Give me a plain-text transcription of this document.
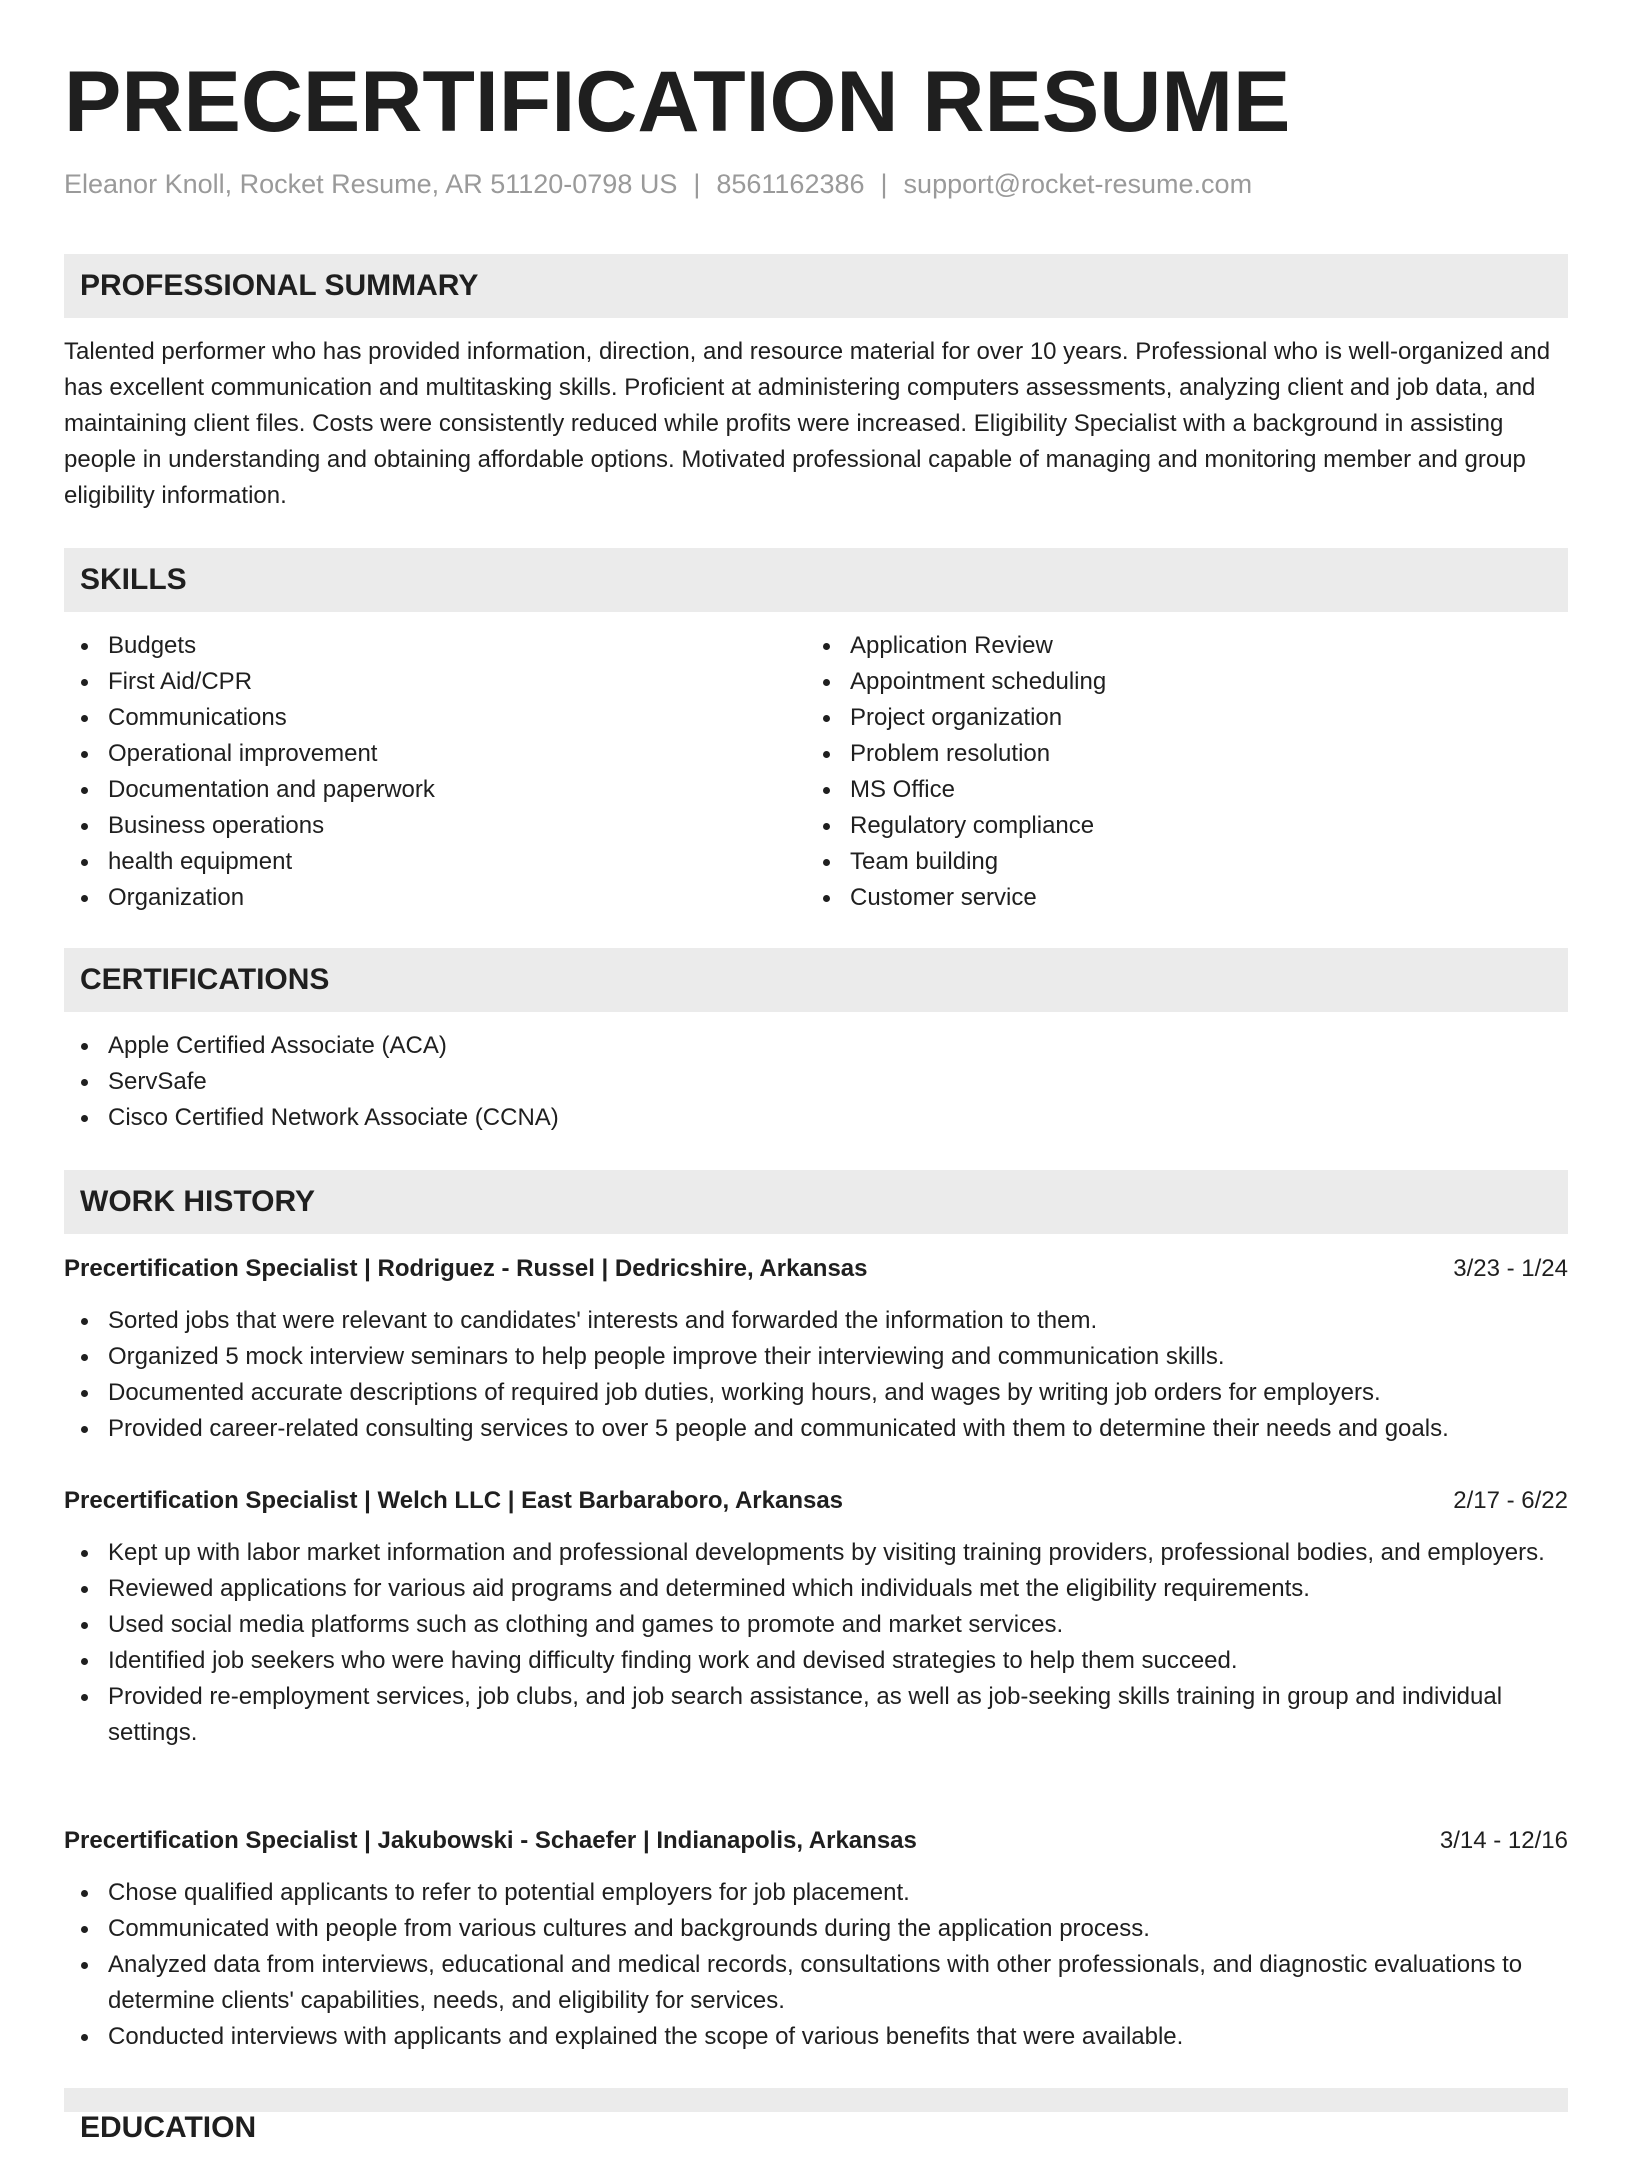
PRECERTIFICATION RESUME
Eleanor Knoll, Rocket Resume, AR 51120-0798 US | 8561162386 | support@rocket-resume.com
PROFESSIONAL SUMMARY

Talented performer who has provided information, direction, and resource material for over 10 years. Professional who is well-organized and has excellent communication and multitasking skills. Proficient at administering computers assessments, analyzing client and job data, and maintaining client files. Costs were consistently reduced while profits were increased. Eligibility Specialist with a background in assisting people in understanding and obtaining affordable options. Motivated professional capable of managing and monitoring member and group eligibility information.

SKILLS
Budgets
First Aid/CPR
Communications
Operational improvement
Documentation and paperwork
Business operations
health equipment
Organization
Application Review
Appointment scheduling
Project organization
Problem resolution
MS Office
Regulatory compliance
Team building
Customer service
CERTIFICATIONS
Apple Certified Associate (ACA)
ServSafe
Cisco Certified Network Associate (CCNA)
WORK HISTORY
Precertification Specialist | Rodriguez - Russel | Dedricshire, Arkansas	3/23 - 1/24
Sorted jobs that were relevant to candidates' interests and forwarded the information to them.
Organized 5 mock interview seminars to help people improve their interviewing and communication skills.
Documented accurate descriptions of required job duties, working hours, and wages by writing job orders for employers.
Provided career-related consulting services to over 5 people and communicated with them to determine their needs and goals.
Precertification Specialist | Welch LLC | East Barbaraboro, Arkansas	2/17 - 6/22
Kept up with labor market information and professional developments by visiting training providers, professional bodies, and employers.
Reviewed applications for various aid programs and determined which individuals met the eligibility requirements.
Used social media platforms such as clothing and games to promote and market services.
Identified job seekers who were having difficulty finding work and devised strategies to help them succeed.
Provided re-employment services, job clubs, and job search assistance, as well as job-seeking skills training in group and individual settings.
Precertification Specialist | Jakubowski - Schaefer | Indianapolis, Arkansas	3/14 - 12/16
Chose qualified applicants to refer to potential employers for job placement.
Communicated with people from various cultures and backgrounds during the application process.
Analyzed data from interviews, educational and medical records, consultations with other professionals, and diagnostic evaluations to determine clients' capabilities, needs, and eligibility for services.
Conducted interviews with applicants and explained the scope of various benefits that were available.
EDUCATION
